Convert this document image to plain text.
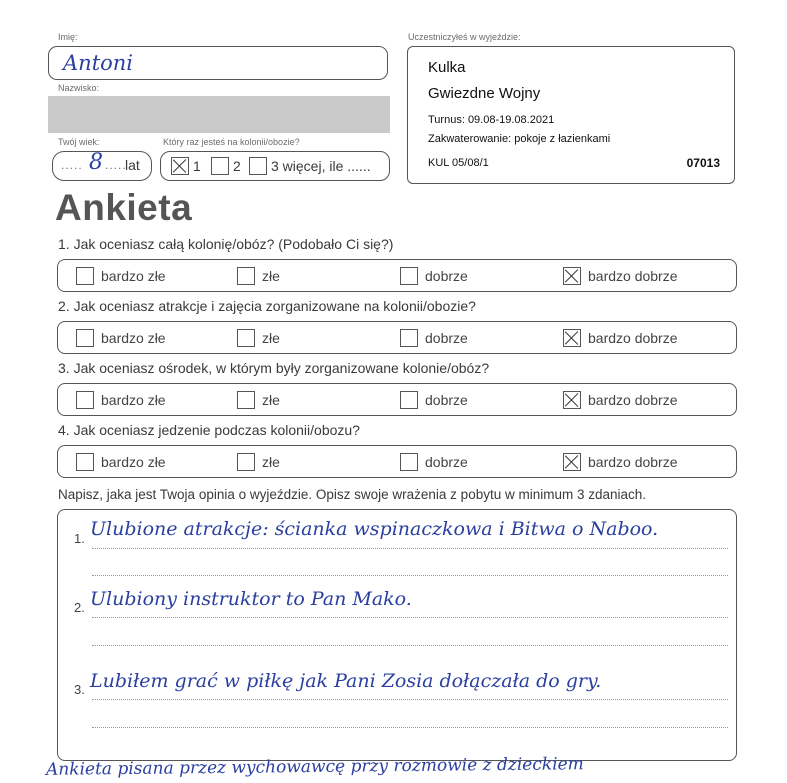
Imię:
Antoni
Nazwisko:
Twój wiek:
..... 8 .....
lat
Który raz jesteś na kolonii/obozie?
1 2 3 więcej, ile ......
Uczestniczyłeś w wyjeździe:
Kulka
Gwiezdne Wojny
Turnus: 09.08-19.08.2021
Zakwaterowanie: pokoje z łazienkami
KUL 05/08/1	07013
Ankieta
1. Jak oceniasz całą kolonię/obóz? (Podobało Ci się?)
bardzo złe	złe	dobrze	bardzo dobrze
2. Jak oceniasz atrakcje i zajęcia zorganizowane na kolonii/obozie?
bardzo złe	złe	dobrze	bardzo dobrze
3. Jak oceniasz ośrodek, w którym były zorganizowane kolonie/obóz?
bardzo złe	złe	dobrze	bardzo dobrze
4. Jak oceniasz jedzenie podczas kolonii/obozu?
bardzo złe	złe	dobrze	bardzo dobrze
Napisz, jaka jest Twoja opinia o wyjeździe. Opisz swoje wrażenia z pobytu w minimum 3 zdaniach.
1. Ulubione atrakcje: ścianka wspinaczkowa i Bitwa o Naboo.
2. Ulubiony instruktor to Pan Mako.
3. Lubiłem grać w piłkę jak Pani Zosia dołączała do gry.
Ankieta pisana przez wychowawcę przy rozmowie z dzieckiem
